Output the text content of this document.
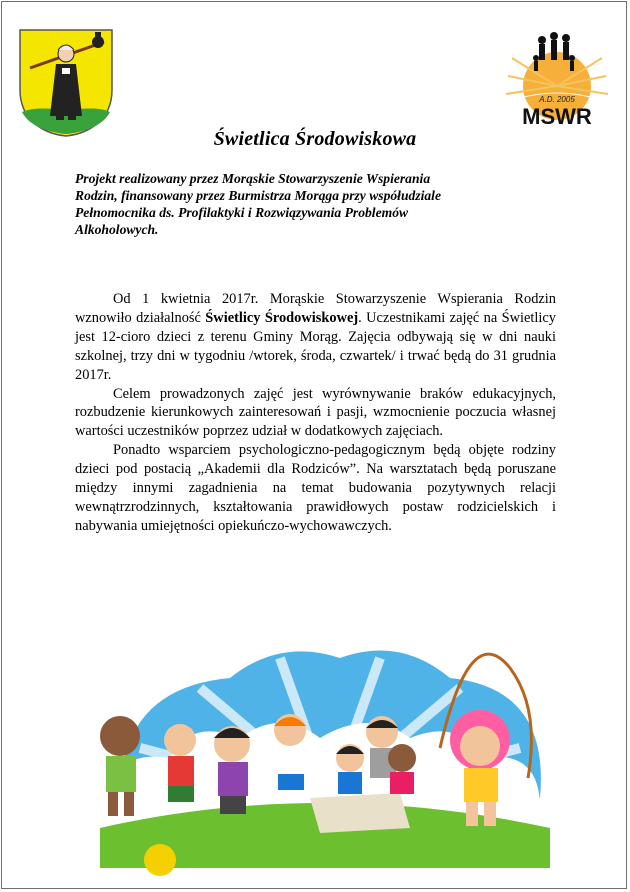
A.D. 2005
MSWR
Świetlica Środowiskowa

Projekt realizowany przez Morąskie Stowarzyszenie Wspierania

Rodzin, finansowany przez Burmistrza Morąga przy współudziale

Pełnomocnika ds. Profilaktyki i Rozwiązywania Problemów

Alkoholowych.

Od 1 kwietnia 2017r. Morąskie Stowarzyszenie Wspierania Rodzin wznowiło działalność Świetlicy Środowiskowej. Uczestnikami zajęć na Świetlicy jest 12-cioro dzieci z terenu Gminy Morąg. Zajęcia odbywają się w dni nauki szkolnej, trzy dni w tygodniu /wtorek, środa, czwartek/ i trwać będą do 31 grudnia 2017r.

Celem prowadzonych zajęć jest wyrównywanie braków edukacyjnych, rozbudzenie kierunkowych zainteresowań i pasji, wzmocnienie poczucia własnej wartości uczestników poprzez udział w dodatkowych zajęciach.

Ponadto wsparciem psychologiczno-pedagogicznym będą objęte rodziny dzieci pod postacią „Akademii dla Rodziców”. Na warsztatach będą poruszane między innymi zagadnienia na temat budowania pozytywnych relacji wewnątrzrodzinnych, kształtowania prawidłowych postaw rodzicielskich i nabywania umiejętności opiekuńczo-wychowawczych.
